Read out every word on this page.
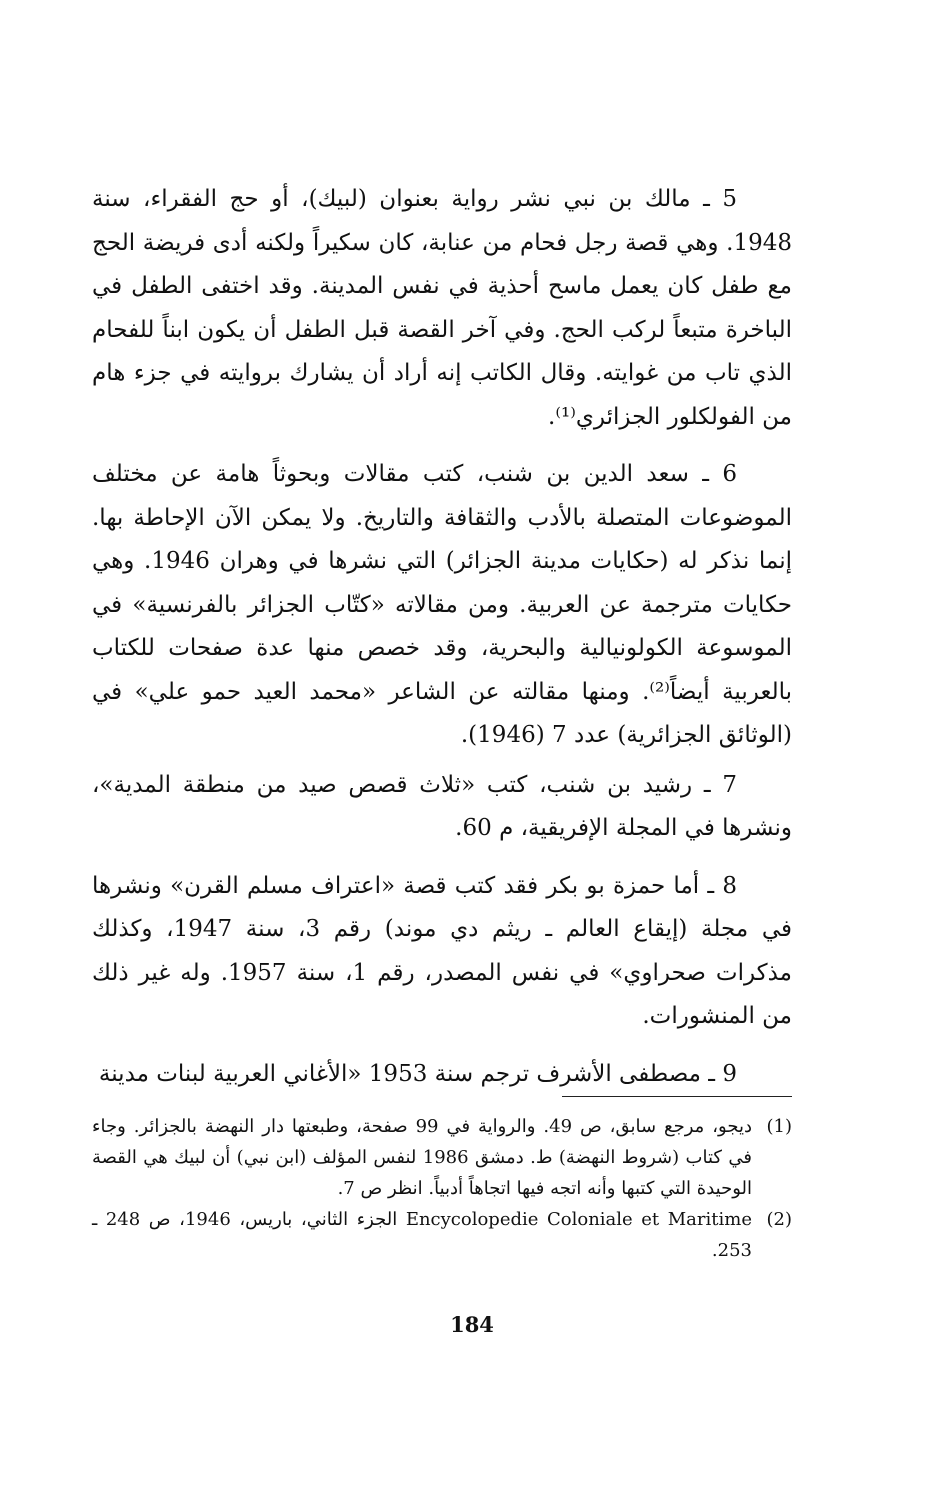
5 ـ مالك بن نبي نشر رواية بعنوان (لبيك)، أو حج الفقراء، سنة 1948. وهي قصة رجل فحام من عنابة، كان سكيراً ولكنه أدى فريضة الحج مع طفل كان يعمل ماسح أحذية في نفس المدينة. وقد اختفى الطفل في الباخرة متبعاً لركب الحج. وفي آخر القصة قبل الطفل أن يكون ابناً للفحام الذي تاب من غوايته. وقال الكاتب إنه أراد أن يشارك بروايته في جزء هام من الفولكلور الجزائري⁽¹⁾.

6 ـ سعد الدين بن شنب، كتب مقالات وبحوثاً هامة عن مختلف الموضوعات المتصلة بالأدب والثقافة والتاريخ. ولا يمكن الآن الإحاطة بها. إنما نذكر له (حكايات مدينة الجزائر) التي نشرها في وهران 1946. وهي حكايات مترجمة عن العربية. ومن مقالاته «كتّاب الجزائر بالفرنسية» في الموسوعة الكولونيالية والبحرية، وقد خصص منها عدة صفحات للكتاب بالعربية أيضاً⁽²⁾. ومنها مقالته عن الشاعر «محمد العيد حمو علي» في (الوثائق الجزائرية) عدد 7 (1946).

7 ـ رشيد بن شنب، كتب «ثلاث قصص صيد من منطقة المدية»، ونشرها في المجلة الإفريقية، م 60.

8 ـ أما حمزة بو بكر فقد كتب قصة «اعتراف مسلم القرن» ونشرها في مجلة (إيقاع العالم ـ ريثم دي موند) رقم 3، سنة 1947، وكذلك مذكرات صحراوي» في نفس المصدر، رقم 1، سنة 1957. وله غير ذلك من المنشورات.

9 ـ مصطفى الأشرف ترجم سنة 1953 «الأغاني العربية لبنات مدينة

(1)
ديجو، مرجع سابق، ص 49. والرواية في 99 صفحة، وطبعتها دار النهضة بالجزائر. وجاء في كتاب (شروط النهضة) ط. دمشق 1986 لنفس المؤلف (ابن نبي) أن لبيك هي القصة الوحيدة التي كتبها وأنه اتجه فيها اتجاهاً أدبياً. انظر ص 7.

(2)
Encycolopedie Coloniale et Maritime الجزء الثاني، باريس، 1946، ص 248 ـ 253.

184
